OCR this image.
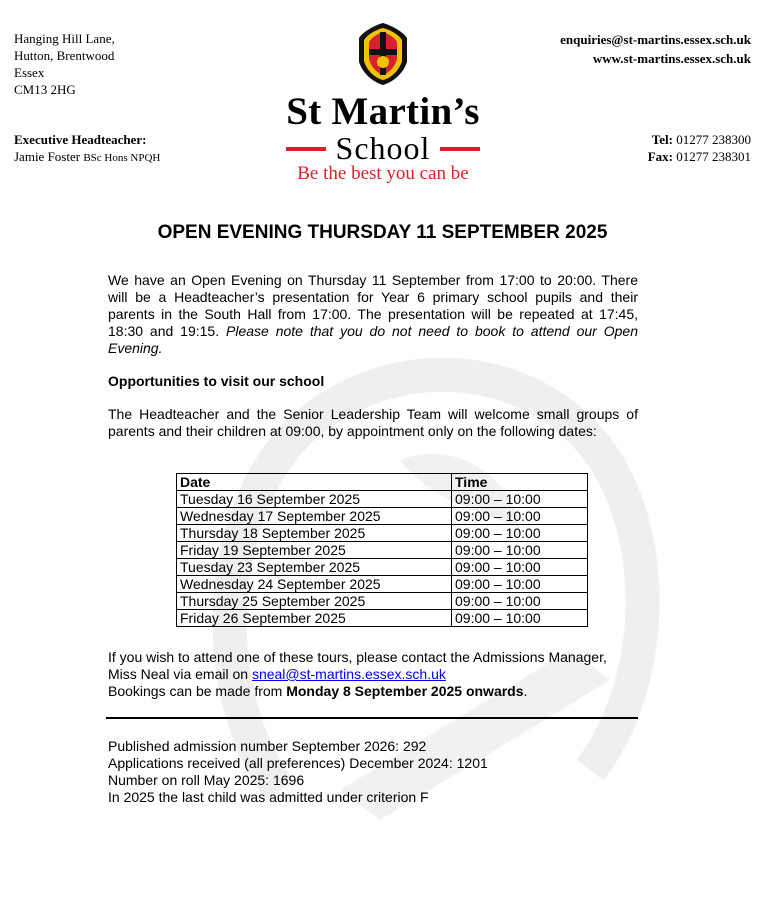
Hanging Hill Lane,
Hutton, Brentwood
Essex
CM13 2HG
Executive Headteacher:
Jamie Foster BSc Hons NPQH
enquiries@st-martins.essex.sch.uk
www.st-martins.essex.sch.uk
Tel: 01277 238300
Fax: 01277 238301
St Martin’s
School
Be the best you can be
OPEN EVENING THURSDAY 11 SEPTEMBER 2025
We have an Open Evening on Thursday 11 September from 17:00 to 20:00. There will be a Headteacher’s presentation for Year 6 primary school pupils and their parents in the South Hall from 17:00. The presentation will be repeated at 17:45, 18:30 and 19:15. Please note that you do not need to book to attend our Open Evening.
Opportunities to visit our school
The Headteacher and the Senior Leadership Team will welcome small groups of parents and their children at 09:00, by appointment only on the following dates:
Date	Time
Tuesday 16 September 2025	09:00 – 10:00
Wednesday 17 September 2025	09:00 – 10:00
Thursday 18 September 2025	09:00 – 10:00
Friday 19 September 2025	09:00 – 10:00
Tuesday 23 September 2025	09:00 – 10:00
Wednesday 24 September 2025	09:00 – 10:00
Thursday 25 September 2025	09:00 – 10:00
Friday 26 September 2025	09:00 – 10:00
If you wish to attend one of these tours, please contact the Admissions Manager,
Miss Neal via email on sneal@st-martins.essex.sch.uk
Bookings can be made from Monday 8 September 2025 onwards.
Published admission number September 2026: 292
Applications received (all preferences) December 2024: 1201
Number on roll May 2025: 1696
In 2025 the last child was admitted under criterion F
